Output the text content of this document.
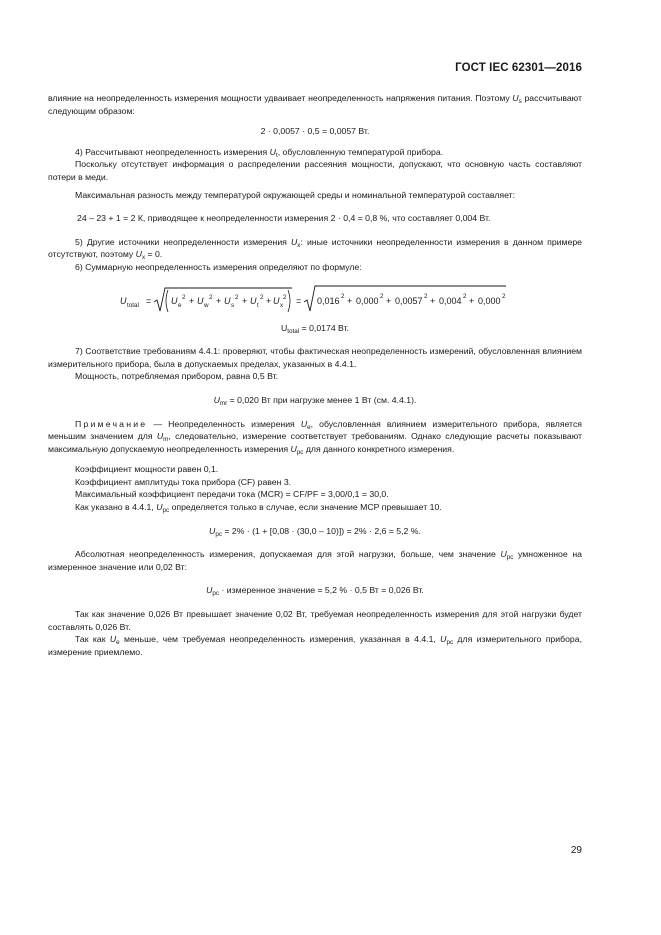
ГОСТ IEC 62301—2016

влияние на неопределенность измерения мощности удваивает неопределенность напряжения питания. Поэтому $U_s$ рассчитывают следующим образом:

2 · 0,0057 · 0,5 = 0,0057 Вт.

4) Рассчитывают неопределенность измерения $U_t$, обусловленную температурой прибора.

Поскольку отсутствует информация о распределении рассеяния мощности, допускают, что основную часть составляют потери в меди.

Максимальная разность между температурой окружающей среды и номинальной температурой составляет:

24 – 23 + 1 = 2 К, приводящее к неопределенности измерения 2 · 0,4 = 0,8 %, что составляет 0,004 Вт.

5) Другие источники неопределенности измерения $U_x$: иные источники неопределенности измерения в данном примере отсутствуют, поэтому $U_x = 0$.

6) Суммарную неопределенность измерения определяют по формуле:

U total = U e
2 + U w
2 + U s
2 + U t
2 + U x
2 = 0,016 2 + 0,000 2 + 0,0057 2 + 0,004 2 + 0,000 2

$U_{total} = 0,0174$ Вт.

7) Соответствие требованиям 4.4.1: проверяют, чтобы фактическая неопределенность измерений, обусловленная влиянием измерительного прибора, была в допускаемых пределах, указанных в 4.4.1.

Мощность, потребляемая прибором, равна 0,5 Вт.

$U_{mr} = 0,020$ Вт при нагрузке менее 1 Вт (см. 4.4.1).

Примечание — Неопределенность измерения $U_e$, обусловленная влиянием измерительного прибора, является меньшим значением для $U_m$, следовательно, измерение соответствует требованиям. Однако следующие расчеты показывают максимальную допускаемую неопределенность измерения $U_{pc}$ для данного конкретного измерения.

Коэффициент мощности равен 0,1.

Коэффициент амплитуды тока прибора (CF) равен 3.

Максимальный коэффициент передачи тока (MCR) = CF/PF = 3,00/0,1 = 30,0.

Как указано в 4.4.1, $U_{pc}$ определяется только в случае, если значение MCP превышает 10.

$U_{pc} = 2\% \cdot (1 + [0,08 \cdot (30,0 - 10)]) = 2\% \cdot 2,6 = 5,2$ %.

Абсолютная неопределенность измерения, допускаемая для этой нагрузки, больше, чем значение $U_{pc}$ умноженное на измеренное значение или 0,02 Вт:

$U_{pc}$ · измеренное значение = 5,2 % · 0,5 Вт = 0,026 Вт.

Так как значение 0,026 Вт превышает значение 0,02 Вт, требуемая неопределенность измерения для этой нагрузки будет составлять 0,026 Вт.

Так как $U_e$ меньше, чем требуемая неопределенность измерения, указанная в 4.4.1, $U_{pc}$ для измерительного прибора, измерение приемлемо.

29
